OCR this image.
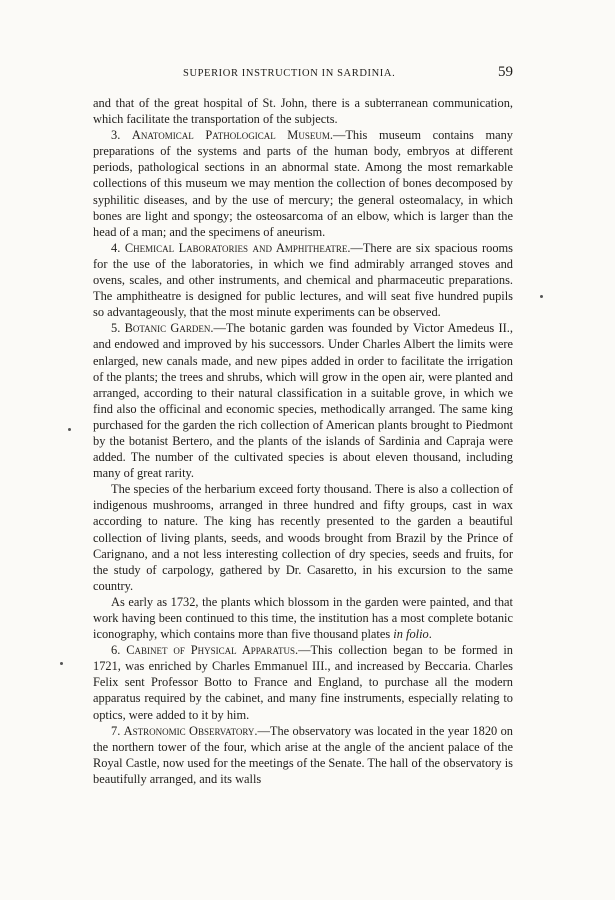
SUPERIOR INSTRUCTION IN SARDINIA.	59

and that of the great hospital of St. John, there is a subterranean communication, which facilitate the transportation of the subjects.

3. Anatomical Pathological Museum.—This museum contains many preparations of the systems and parts of the human body, embryos at different periods, pathological sections in an abnormal state. Among the most remarkable collections of this museum we may mention the collection of bones decomposed by syphilitic diseases, and by the use of mercury; the general osteomalacy, in which bones are light and spongy; the osteosarcoma of an elbow, which is larger than the head of a man; and the specimens of aneurism.

4. Chemical Laboratories and Amphitheatre.—There are six spacious rooms for the use of the laboratories, in which we find admirably arranged stoves and ovens, scales, and other instruments, and chemical and pharmaceutic preparations. The amphitheatre is designed for public lectures, and will seat five hundred pupils so advantageously, that the most minute experiments can be observed.

5. Botanic Garden.—The botanic garden was founded by Victor Amedeus II., and endowed and improved by his successors. Under Charles Albert the limits were enlarged, new canals made, and new pipes added in order to facilitate the irrigation of the plants; the trees and shrubs, which will grow in the open air, were planted and arranged, according to their natural classification in a suitable grove, in which we find also the officinal and economic species, methodically arranged. The same king purchased for the garden the rich collection of American plants brought to Piedmont by the botanist Bertero, and the plants of the islands of Sardinia and Capraja were added. The number of the cultivated species is about eleven thousand, including many of great rarity.

The species of the herbarium exceed forty thousand. There is also a collection of indigenous mushrooms, arranged in three hundred and fifty groups, cast in wax according to nature. The king has recently presented to the garden a beautiful collection of living plants, seeds, and woods brought from Brazil by the Prince of Carignano, and a not less interesting collection of dry species, seeds and fruits, for the study of carpology, gathered by Dr. Casaretto, in his excursion to the same country.

As early as 1732, the plants which blossom in the garden were painted, and that work having been continued to this time, the institution has a most complete botanic iconography, which contains more than five thousand plates in folio.

6. Cabinet of Physical Apparatus.—This collection began to be formed in 1721, was enriched by Charles Emmanuel III., and increased by Beccaria. Charles Felix sent Professor Botto to France and England, to purchase all the modern apparatus required by the cabinet, and many fine instruments, especially relating to optics, were added to it by him.

7. Astronomic Observatory.—The observatory was located in the year 1820 on the northern tower of the four, which arise at the angle of the ancient palace of the Royal Castle, now used for the meetings of the Senate. The hall of the observatory is beautifully arranged, and its walls
